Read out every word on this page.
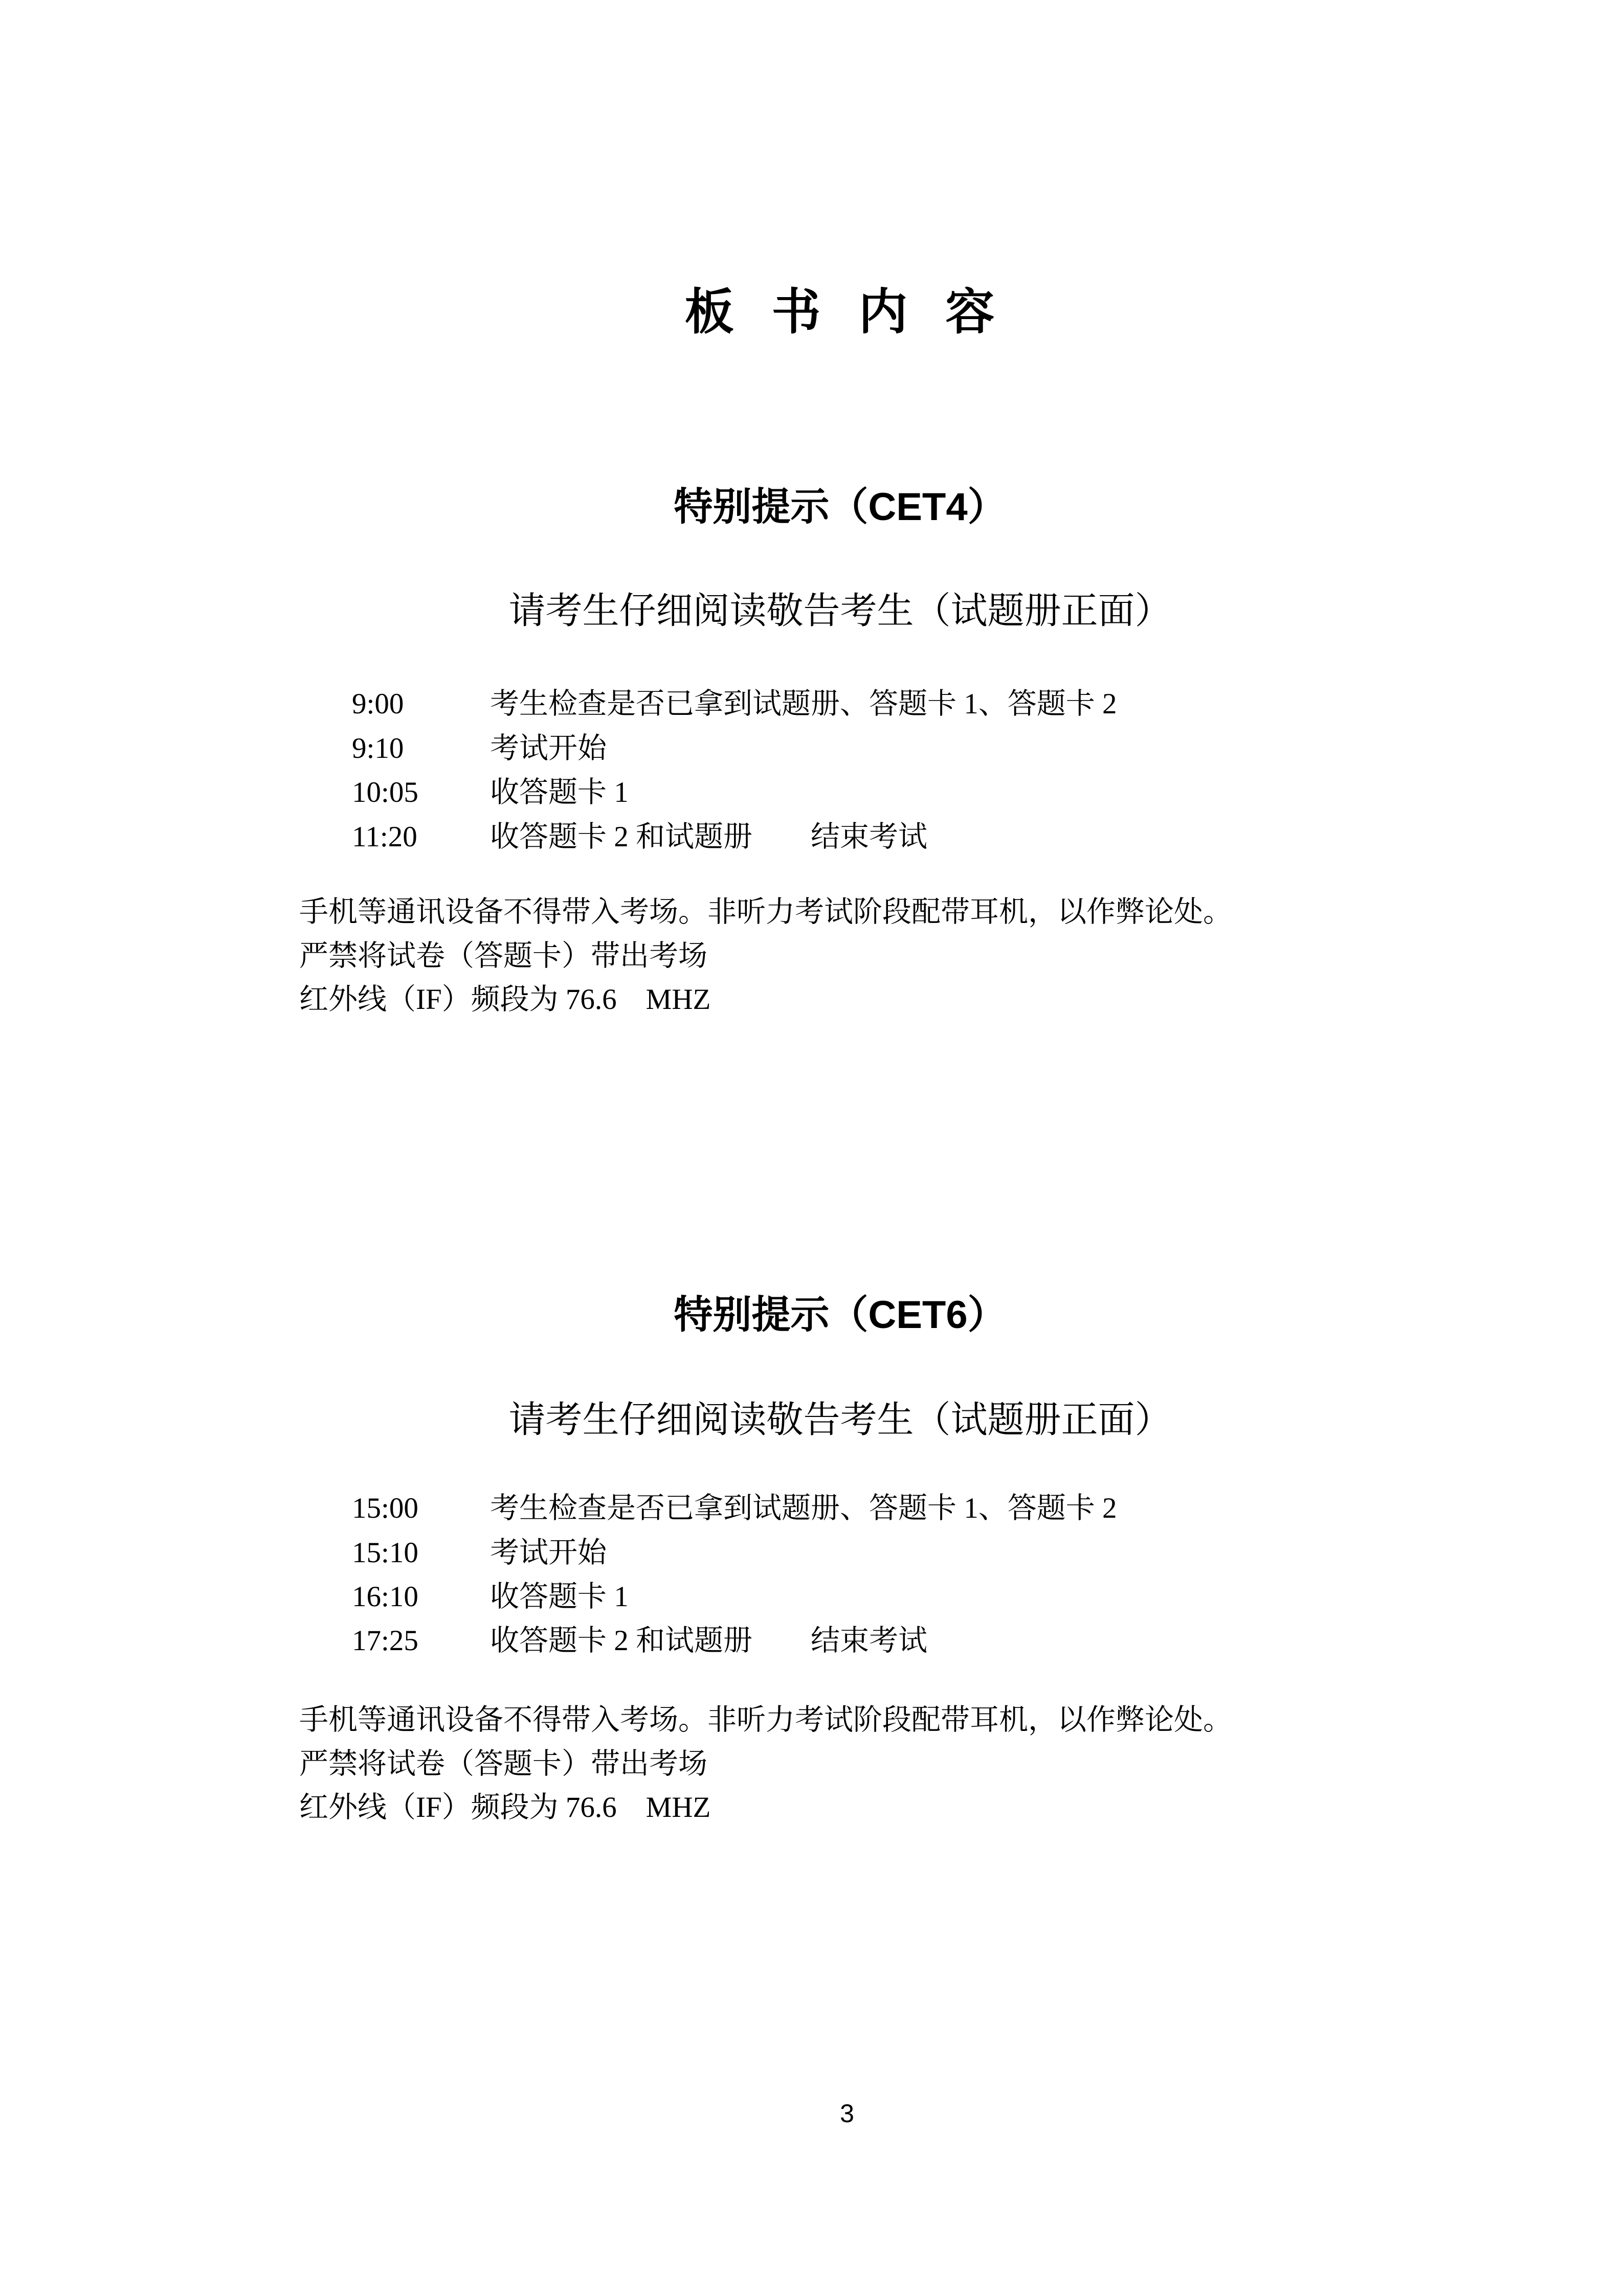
板 书 内 容
特别提示（CET4）
请考生仔细阅读敬告考生（试题册正面）
9:00	考生检查是否已拿到试题册、答题卡 1、答题卡 2
9:10	考试开始
10:05 收答题卡 1
11:20 收答题卡 2 和试题册　　结束考试
手机等通讯设备不得带入考场。非听力考试阶段配带耳机，以作弊论处。
严禁将试卷（答题卡）带出考场
红外线（IF）频段为 76.6　MHZ
特别提示（CET6）
请考生仔细阅读敬告考生（试题册正面）
15:00 考生检查是否已拿到试题册、答题卡 1、答题卡 2
15:10 考试开始
16:10 收答题卡 1
17:25 收答题卡 2 和试题册　　结束考试
手机等通讯设备不得带入考场。非听力考试阶段配带耳机，以作弊论处。
严禁将试卷（答题卡）带出考场
红外线（IF）频段为 76.6　MHZ
3
